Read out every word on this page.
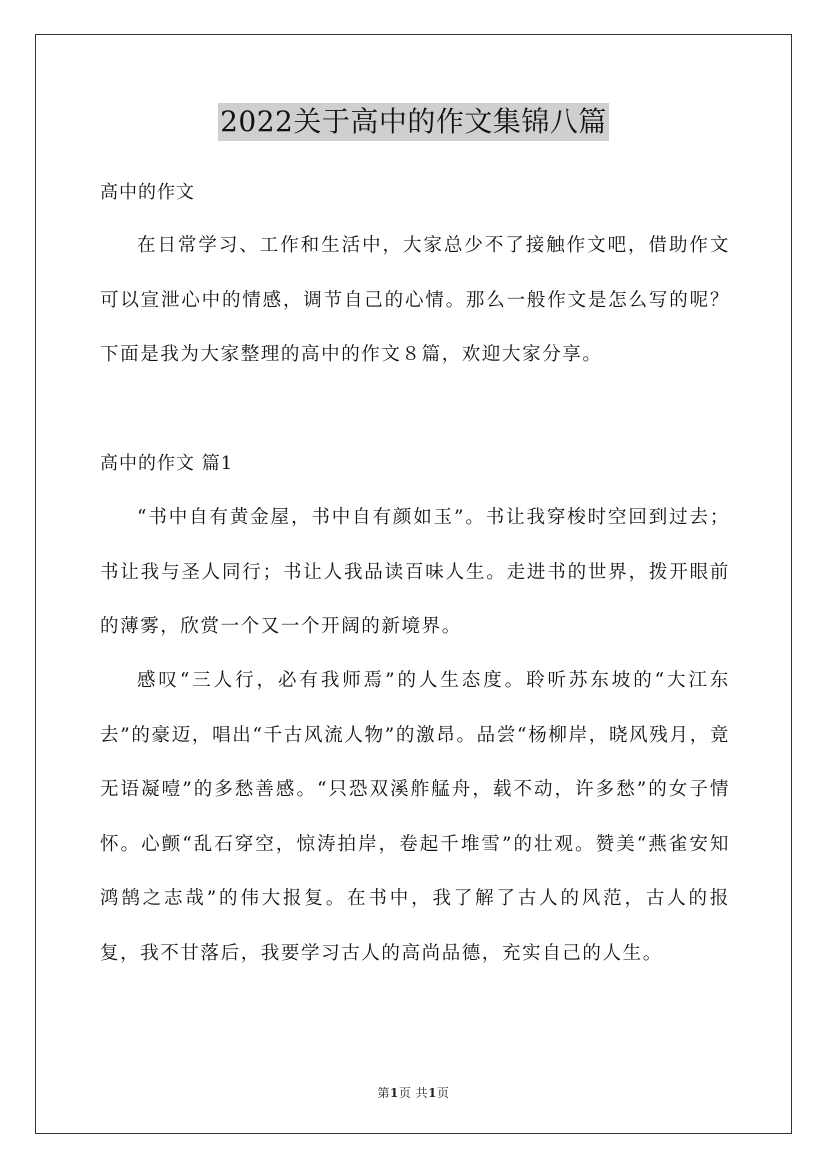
2022关于高中的作文集锦八篇
高中的作文
在日常学习、工作和生活中，大家总少不了接触作文吧，借助作文可以宣泄心中的情感，调节自己的心情。那么一般作文是怎么写的呢？下面是我为大家整理的高中的作文８篇，欢迎大家分享。
高中的作文 篇1
“书中自有黄金屋，书中自有颜如玉”。书让我穿梭时空回到过去；书让我与圣人同行；书让人我品读百味人生。走进书的世界，拨开眼前的薄雾，欣赏一个又一个开阔的新境界。
感叹“三人行，必有我师焉”的人生态度。聆听苏东坡的“大江东去”的豪迈，唱出“千古风流人物”的激昂。品尝“杨柳岸，晓风残月，竟无语凝噎”的多愁善感。“只恐双溪舴艋舟，载不动，许多愁”的女子情怀。心颤“乱石穿空，惊涛拍岸，卷起千堆雪”的壮观。赞美“燕雀安知鸿鹄之志哉”的伟大报复。在书中，我了解了古人的风范，古人的报复，我不甘落后，我要学习古人的高尚品德，充实自己的人生。
第1页 共1页
